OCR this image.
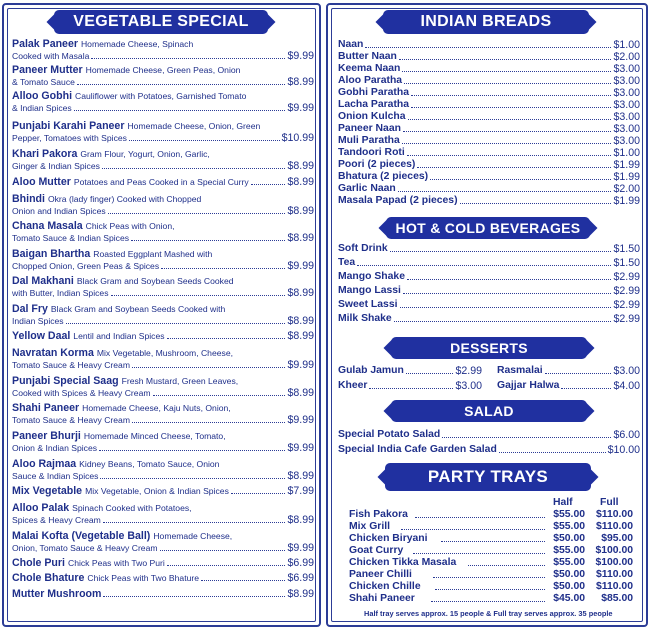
VEGETABLE SPECIAL
Palak Paneer Homemade Cheese, Spinach
Cooked with Masala	$9.99
Paneer Mutter Homemade Cheese, Green Peas, Onion
& Tomato Sauce	$8.99
Alloo Gobhi Cauliflower with Potatoes, Garnished Tomato
& Indian Spices	$9.99
Punjabi Karahi Paneer Homemade Cheese, Onion, Green
Pepper, Tomatoes with Spices	$10.99
Khari Pakora Gram Flour, Yogurt, Onion, Garlic,
Ginger & Indian Spices	$8.99
Aloo Mutter Potatoes and Peas Cooked in a Special Curry	$8.99
Bhindi Okra (lady finger) Cooked with Chopped
Onion and Indian Spices	$8.99
Chana Masala Chick Peas with Onion,
Tomato Sauce & Indian Spices	$8.99
Baigan Bhartha Roasted Eggplant Mashed with
Chopped Onion, Green Peas & Spices	$9.99
Dal Makhani Black Gram and Soybean Seeds Cooked
with Butter, Indian Spices	$8.99
Dal Fry Black Gram and Soybean Seeds Cooked with
Indian Spices	$8.99
Yellow Daal Lentil and Indian Spices	$8.99
Navratan Korma Mix Vegetable, Mushroom, Cheese,
Tomato Sauce & Heavy Cream	$9.99
Punjabi Special Saag Fresh Mustard, Green Leaves,
Cooked with Spices & Heavy Cream	$8.99
Shahi Paneer Homemade Cheese, Kaju Nuts, Onion,
Tomato Sauce & Heavy Cream	$9.99
Paneer Bhurji Homemade Minced Cheese, Tomato,
Onion & Indian Spices	$9.99
Aloo Rajmaa Kidney Beans, Tomato Sauce, Onion
Sauce & Indian Spices	$8.99
Mix Vegetable Mix Vegetable, Onion & Indian Spices	$7.99
Alloo Palak Spinach Cooked with Potatoes,
Spices & Heavy Cream	$8.99
Malai Kofta (Vegetable Ball) Homemade Cheese,
Onion, Tomato Sauce & Heavy Cream	$9.99
Chole Puri Chick Peas with Two Puri	$6.99
Chole Bhature Chick Peas with Two Bhature	$6.99
Mutter Mushroom	$8.99
INDIAN BREADS
Naan	$1.00
Butter Naan	$2.00
Keema Naan	$3.00
Aloo Paratha	$3.00
Gobhi Paratha	$3.00
Lacha Paratha	$3.00
Onion Kulcha	$3.00
Paneer Naan	$3.00
Muli Paratha	$3.00
Tandoori Roti	$1.00
Poori (2 pieces)	$1.99
Bhatura (2 pieces)	$1.99
Garlic Naan	$2.00
Masala Papad (2 pieces)	$1.99
HOT & COLD BEVERAGES
Soft Drink	$1.50
Tea	$1.50
Mango Shake	$2.99
Mango Lassi	$2.99
Sweet Lassi	$2.99
Milk Shake	$2.99
DESSERTS
Gulab Jamun	$2.99 Rasmalai	$3.00
Kheer	$3.00 Gajjar Halwa	$4.00
SALAD
Special Potato Salad	$6.00
Special India Cafe Garden Salad	$10.00
PARTY TRAYS
Half	Full
Fish Pakora	$55.00 $110.00
Mix Grill	$55.00 $110.00
Chicken Biryani	$50.00 $95.00
Goat Curry	$55.00 $100.00
Chicken Tikka Masala	$55.00 $100.00
Paneer Chilli	$50.00 $110.00
Chicken Chille	$50.00 $110.00
Shahi Paneer	$45.00 $85.00
Half tray serves approx. 15 people & Full tray serves approx. 35 people
